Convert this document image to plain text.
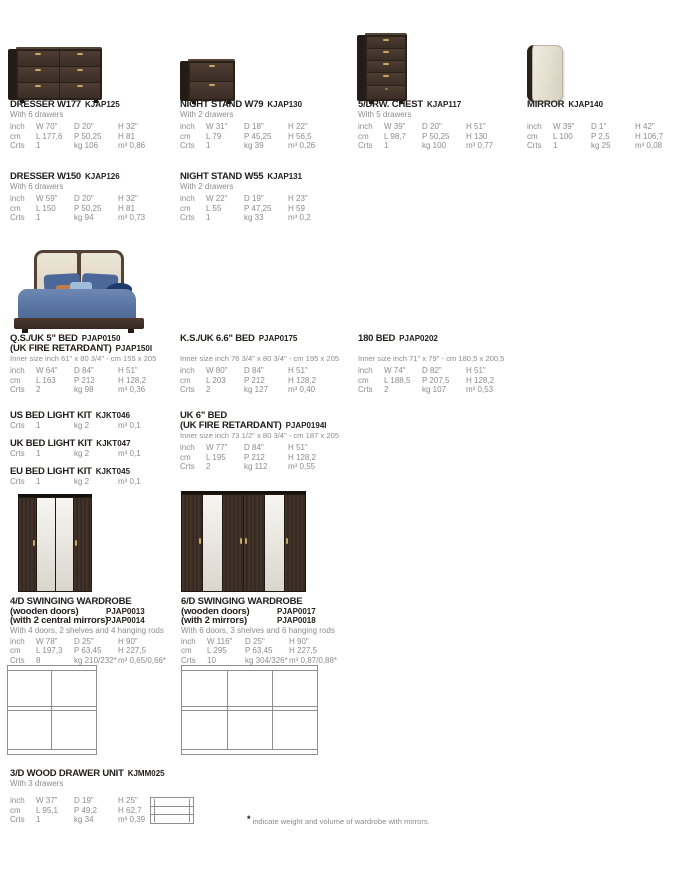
DRESSER W177 KJAP125
With 6 drawers
inch	W 70"	D 20"	H 32"
cm	L 177,6	P 50,25	H 81
Crts	1	kg 106	m³ 0,86
NIGHT STAND W79 KJAP130
With 2 drawers
inch	W 31"	D 18"	H 22"
cm	L 79	P 45,25	H 56,5
Crts	1	kg 39	m³ 0,26
5/DRW. CHEST KJAP117
With 5 drawers
inch	W 39"	D 20"	H 51"
cm	L 98,7	P 50,25	H 130
Crts	1	kg 100	m³ 0,77
MIRROR KJAP140
inch	W 39"	D 1"	H 42"
cm	L 100	P 2,5	H 106,7
Crts	1	kg 25	m³ 0,08
DRESSER W150 KJAP126
With 6 drawers
inch	W 59"	D 20"	H 32"
cm	L 150	P 50,25	H 81
Crts	1	kg 94	m³ 0,73
NIGHT STAND W55 KJAP131
With 2 drawers
inch	W 22"	D 19"	H 23"
cm	L 55	P 47,25	H 59
Crts	1	kg 33	m³ 0,2
Q.S./UK 5" BED PJAP0150
(UK FIRE RETARDANT) PJAP150I
Inner size inch 61" x 80 3/4" - cm 155 x 205
inch	W 64"	D 84"	H 51"
cm	L 163	P 212	H 128,2
Crts	2	kg 98	m³ 0,36
K.S./UK 6.6" BED PJAP0175
Inner size inch 76 3/4" x 80 3/4" - cm 195 x 205
inch	W 80"	D 84"	H 51"
cm	L 203	P 212	H 128,2
Crts	2	kg 127	m³ 0,40
180 BED PJAP0202
Inner size inch 71" x 79" - cm 180,5 x 200,5
inch	W 74"	D 82"	H 51"
cm	L 188,5	P 207,5	H 128,2
Crts	2	kg 107	m³ 0,53
US BED LIGHT KIT KJKT046
Crts	1	kg 2	m³ 0,1
UK BED LIGHT KIT KJKT047
Crts	1	kg 2	m³ 0,1
EU BED LIGHT KIT KJKT045
Crts	1	kg 2	m³ 0,1
UK 6" BED
(UK FIRE RETARDANT) PJAP0194I
Inner size inch 73 1/2" x 80 3/4" - cm 187 x 205
inch	W 77"	D 84"	H 51"
cm	L 195	P 212	H 128,2
Crts	2	kg 112	m³ 0,55
4/D SWINGING WARDROBE
(wooden doors)	PJAP0013
(with 2 central mirrors)
PJAP0014
With 4 doors, 2 shelves and 4 hanging rods
inch	W 78"	D 25"	H 90"
cm	L 197,3	P 63,45	H 227,5
Crts	8	kg 210/232* m³ 0,65/0,66*
6/D SWINGING WARDROBE
(wooden doors)	PJAP0017
(with 2 mirrors)	PJAP0018
With 6 doors, 3 shelves and 6 hanging rods
inch	W 116"	D 25"	H 90"
cm	L 295	P 63,45	H 227,5
Crts	10	kg 304/326* m³ 0,87/0,88*
3/D WOOD DRAWER UNIT KJMM025
With 3 drawers
inch	W 37"	D 19"	H 25"
cm	L 95,1	P 49,2	H 62,7
Crts	1	kg 34	m³ 0,39	* indicate weight and volume of wardrobe with mirrors.
